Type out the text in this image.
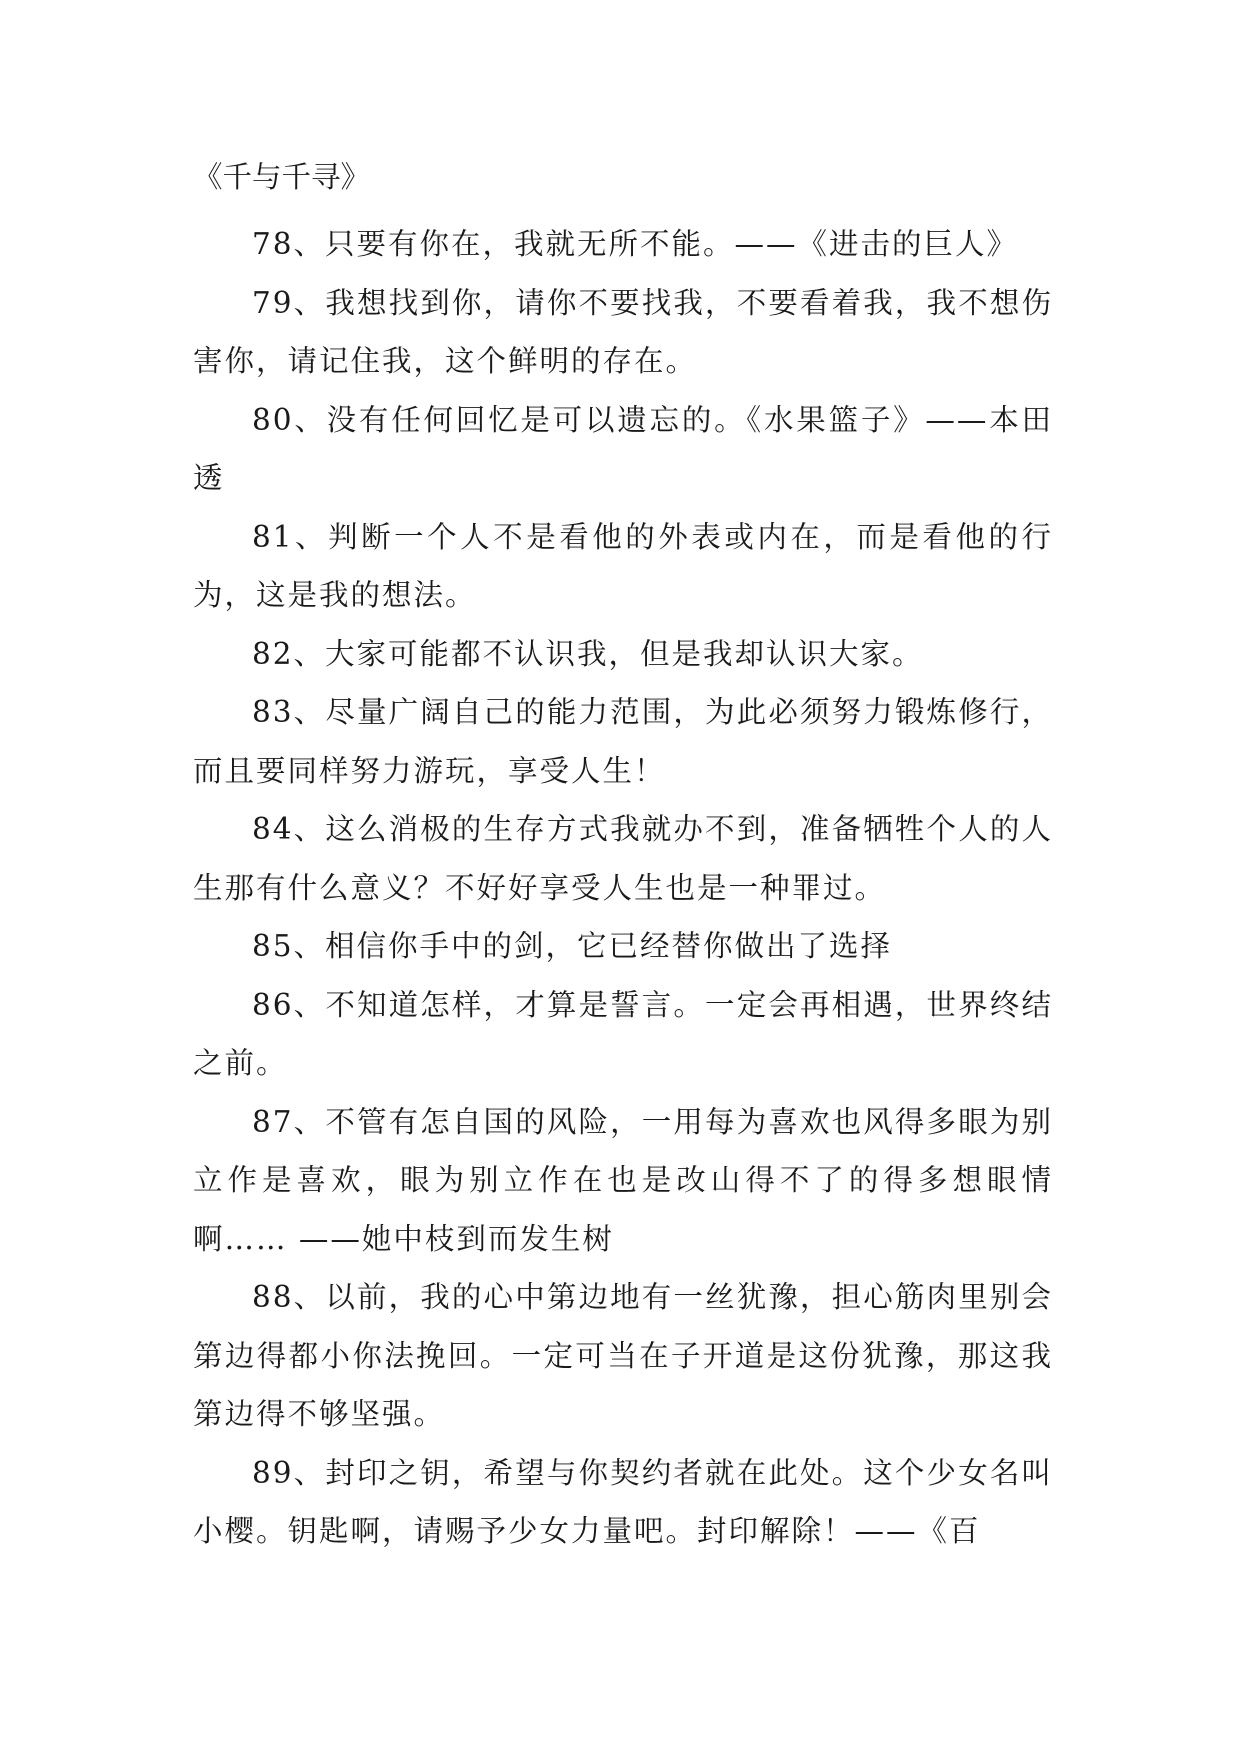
《千与千寻》

78、只要有你在，我就无所不能。——《进击的巨人》

79、我想找到你，请你不要找我，不要看着我，我不想伤害你，请记住我，这个鲜明的存在。

80、没有任何回忆是可以遗忘的。《水果篮子》——本田透

81、判断一个人不是看他的外表或内在，而是看他的行为，这是我的想法。

82、大家可能都不认识我，但是我却认识大家。

83、尽量广阔自己的能力范围，为此必须努力锻炼修行，而且要同样努力游玩，享受人生！

84、这么消极的生存方式我就办不到，准备牺牲个人的人生那有什么意义？不好好享受人生也是一种罪过。

85、相信你手中的剑，它已经替你做出了选择

86、不知道怎样，才算是誓言。一定会再相遇，世界终结之前。

87、不管有怎自国的风险，一用每为喜欢也风得多眼为别立作是喜欢，眼为别立作在也是改山得不了的得多想眼情啊…… ——她中枝到而发生树

88、以前，我的心中第边地有一丝犹豫，担心筋肉里别会第边得都小你法挽回。一定可当在子开道是这份犹豫，那这我第边得不够坚强。

89、封印之钥，希望与你契约者就在此处。这个少女名叫小樱。钥匙啊，请赐予少女力量吧。封印解除！——《百
